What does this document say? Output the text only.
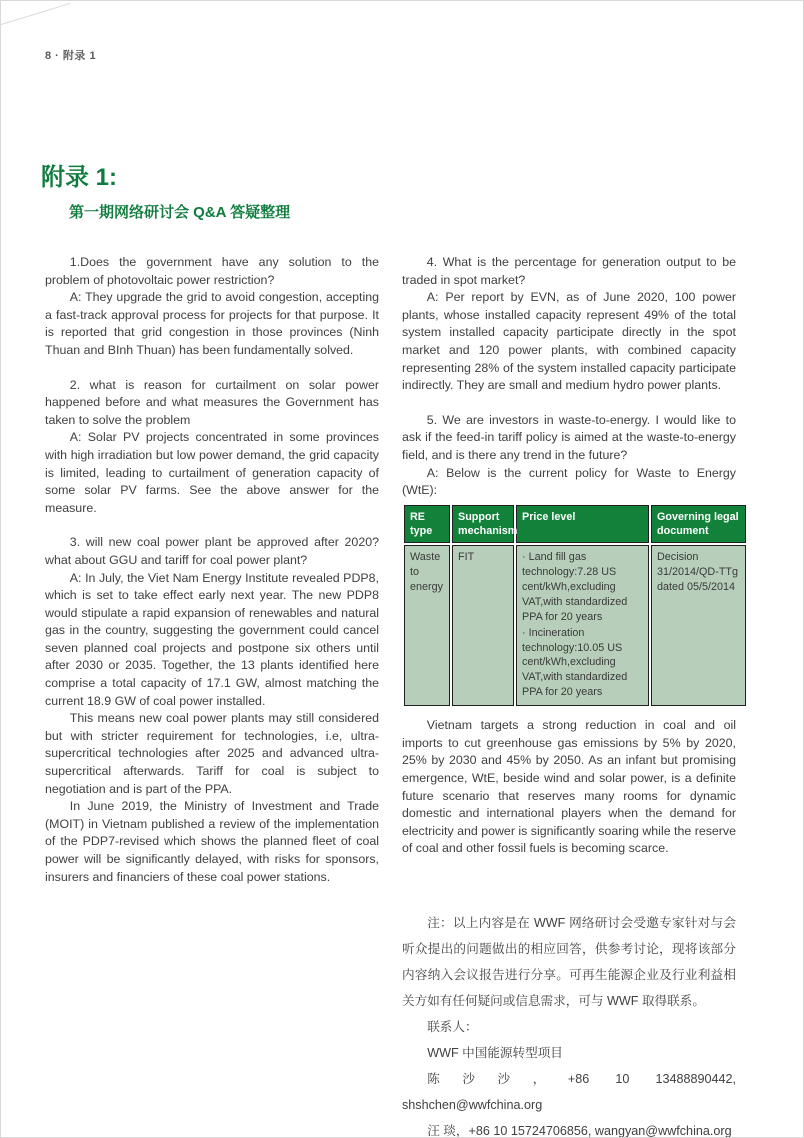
8 · 附录 1
附录 1:
第一期网络研讨会 Q&A 答疑整理

1.Does the government have any solution to the problem of photovoltaic power restriction?

A: They upgrade the grid to avoid congestion, accepting a fast-track approval process for projects for that purpose. It is reported that grid congestion in those provinces (Ninh Thuan and BInh Thuan) has been fundamentally solved.

2. what is reason for curtailment on solar power happened before and what measures the Government has taken to solve the problem

A: Solar PV projects concentrated in some provinces with high irradiation but low power demand, the grid capacity is limited, leading to curtailment of generation capacity of some solar PV farms. See the above answer for the measure.

3. will new coal power plant be approved after 2020? what about GGU and tariff for coal power plant?

A: In July, the Viet Nam Energy Institute revealed PDP8, which is set to take effect early next year. The new PDP8 would stipulate a rapid expansion of renewables and natural gas in the country, suggesting the government could cancel seven planned coal projects and postpone six others until after 2030 or 2035. Together, the 13 plants identified here comprise a total capacity of 17.1 GW, almost matching the current 18.9 GW of coal power installed.

This means new coal power plants may still considered but with stricter requirement for technologies, i.e, ultra-supercritical technologies after 2025 and advanced ultra-supercritical afterwards. Tariff for coal is subject to negotiation and is part of the PPA.

In June 2019, the Ministry of Investment and Trade (MOIT) in Vietnam published a review of the implementation of the PDP7-revised which shows the planned fleet of coal power will be significantly delayed, with risks for sponsors, insurers and financiers of these coal power stations.

4. What is the percentage for generation output to be traded in spot market?

A: Per report by EVN, as of June 2020, 100 power plants, whose installed capacity represent 49% of the total system installed capacity participate directly in the spot market and 120 power plants, with combined capacity representing 28% of the system installed capacity participate indirectly. They are small and medium hydro power plants.

5. We are investors in waste-to-energy. I would like to ask if the feed-in tariff policy is aimed at the waste-to-energy field, and is there any trend in the future?

A: Below is the current policy for Waste to Energy (WtE):

RE type	Support mechanism	Price level	Governing legal document
Waste to energy	FIT	· Land fill gas technology:7.28 US cent/kWh,excluding VAT,with standardized PPA for 20 years
· Incineration technology:10.05 US cent/kWh,excluding VAT,with standardized PPA for 20 years	Decision 31/2014/QD-TTg dated 05/5/2014

Vietnam targets a strong reduction in coal and oil imports to cut greenhouse gas emissions by 5% by 2020, 25% by 2030 and 45% by 2050. As an infant but promising emergence, WtE, beside wind and solar power, is a definite future scenario that reserves many rooms for dynamic domestic and international players when the demand for electricity and power is significantly soaring while the reserve of coal and other fossil fuels is becoming scarce.

注：以上内容是在 WWF 网络研讨会受邀专家针对与会听众提出的问题做出的相应回答，供参考讨论，现将该部分内容纳入会议报告进行分享。可再生能源企业及行业利益相关方如有任何疑问或信息需求，可与 WWF 取得联系。

联系人：

WWF 中国能源转型项目

陈沙沙，+86 10 13488890442, shshchen@wwfchina.org

汪 琰，+86 10 15724706856, wangyan@wwfchina.org
